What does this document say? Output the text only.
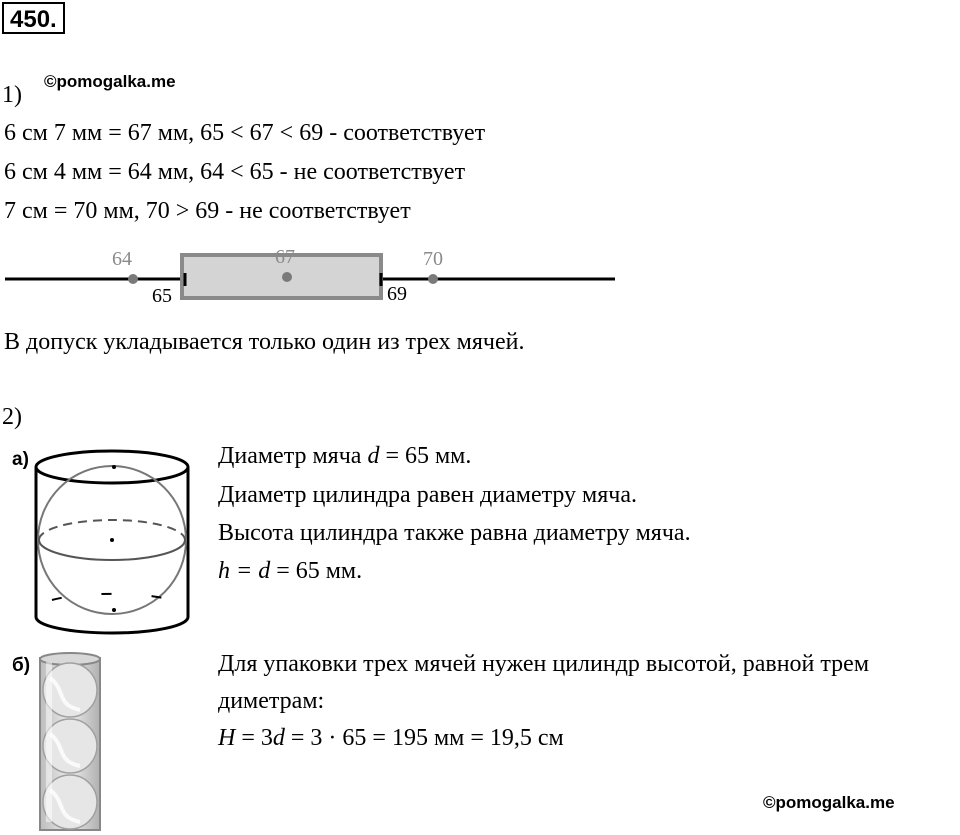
450.
1)
©pomogalka.me
6 см 7 мм = 67 мм, 65 < 67 < 69 - соответствует
6 см 4 мм = 64 мм, 64 < 65 - не соответствует
7 см = 70 мм, 70 > 69 - не соответствует
64	67	70
65	69
В допуск укладывается только один из трех мячей.
2)
а)	Диаметр мяча d = 65 мм.
Диаметр цилиндра равен диаметру мяча.
Высота цилиндра также равна диаметру мяча.
h = d = 65 мм.
б)	Для упаковки трех мячей нужен цилиндр высотой, равной трем
диметрам:
H = 3d = 3 · 65 = 195 мм = 19,5 см
©pomogalka.me
